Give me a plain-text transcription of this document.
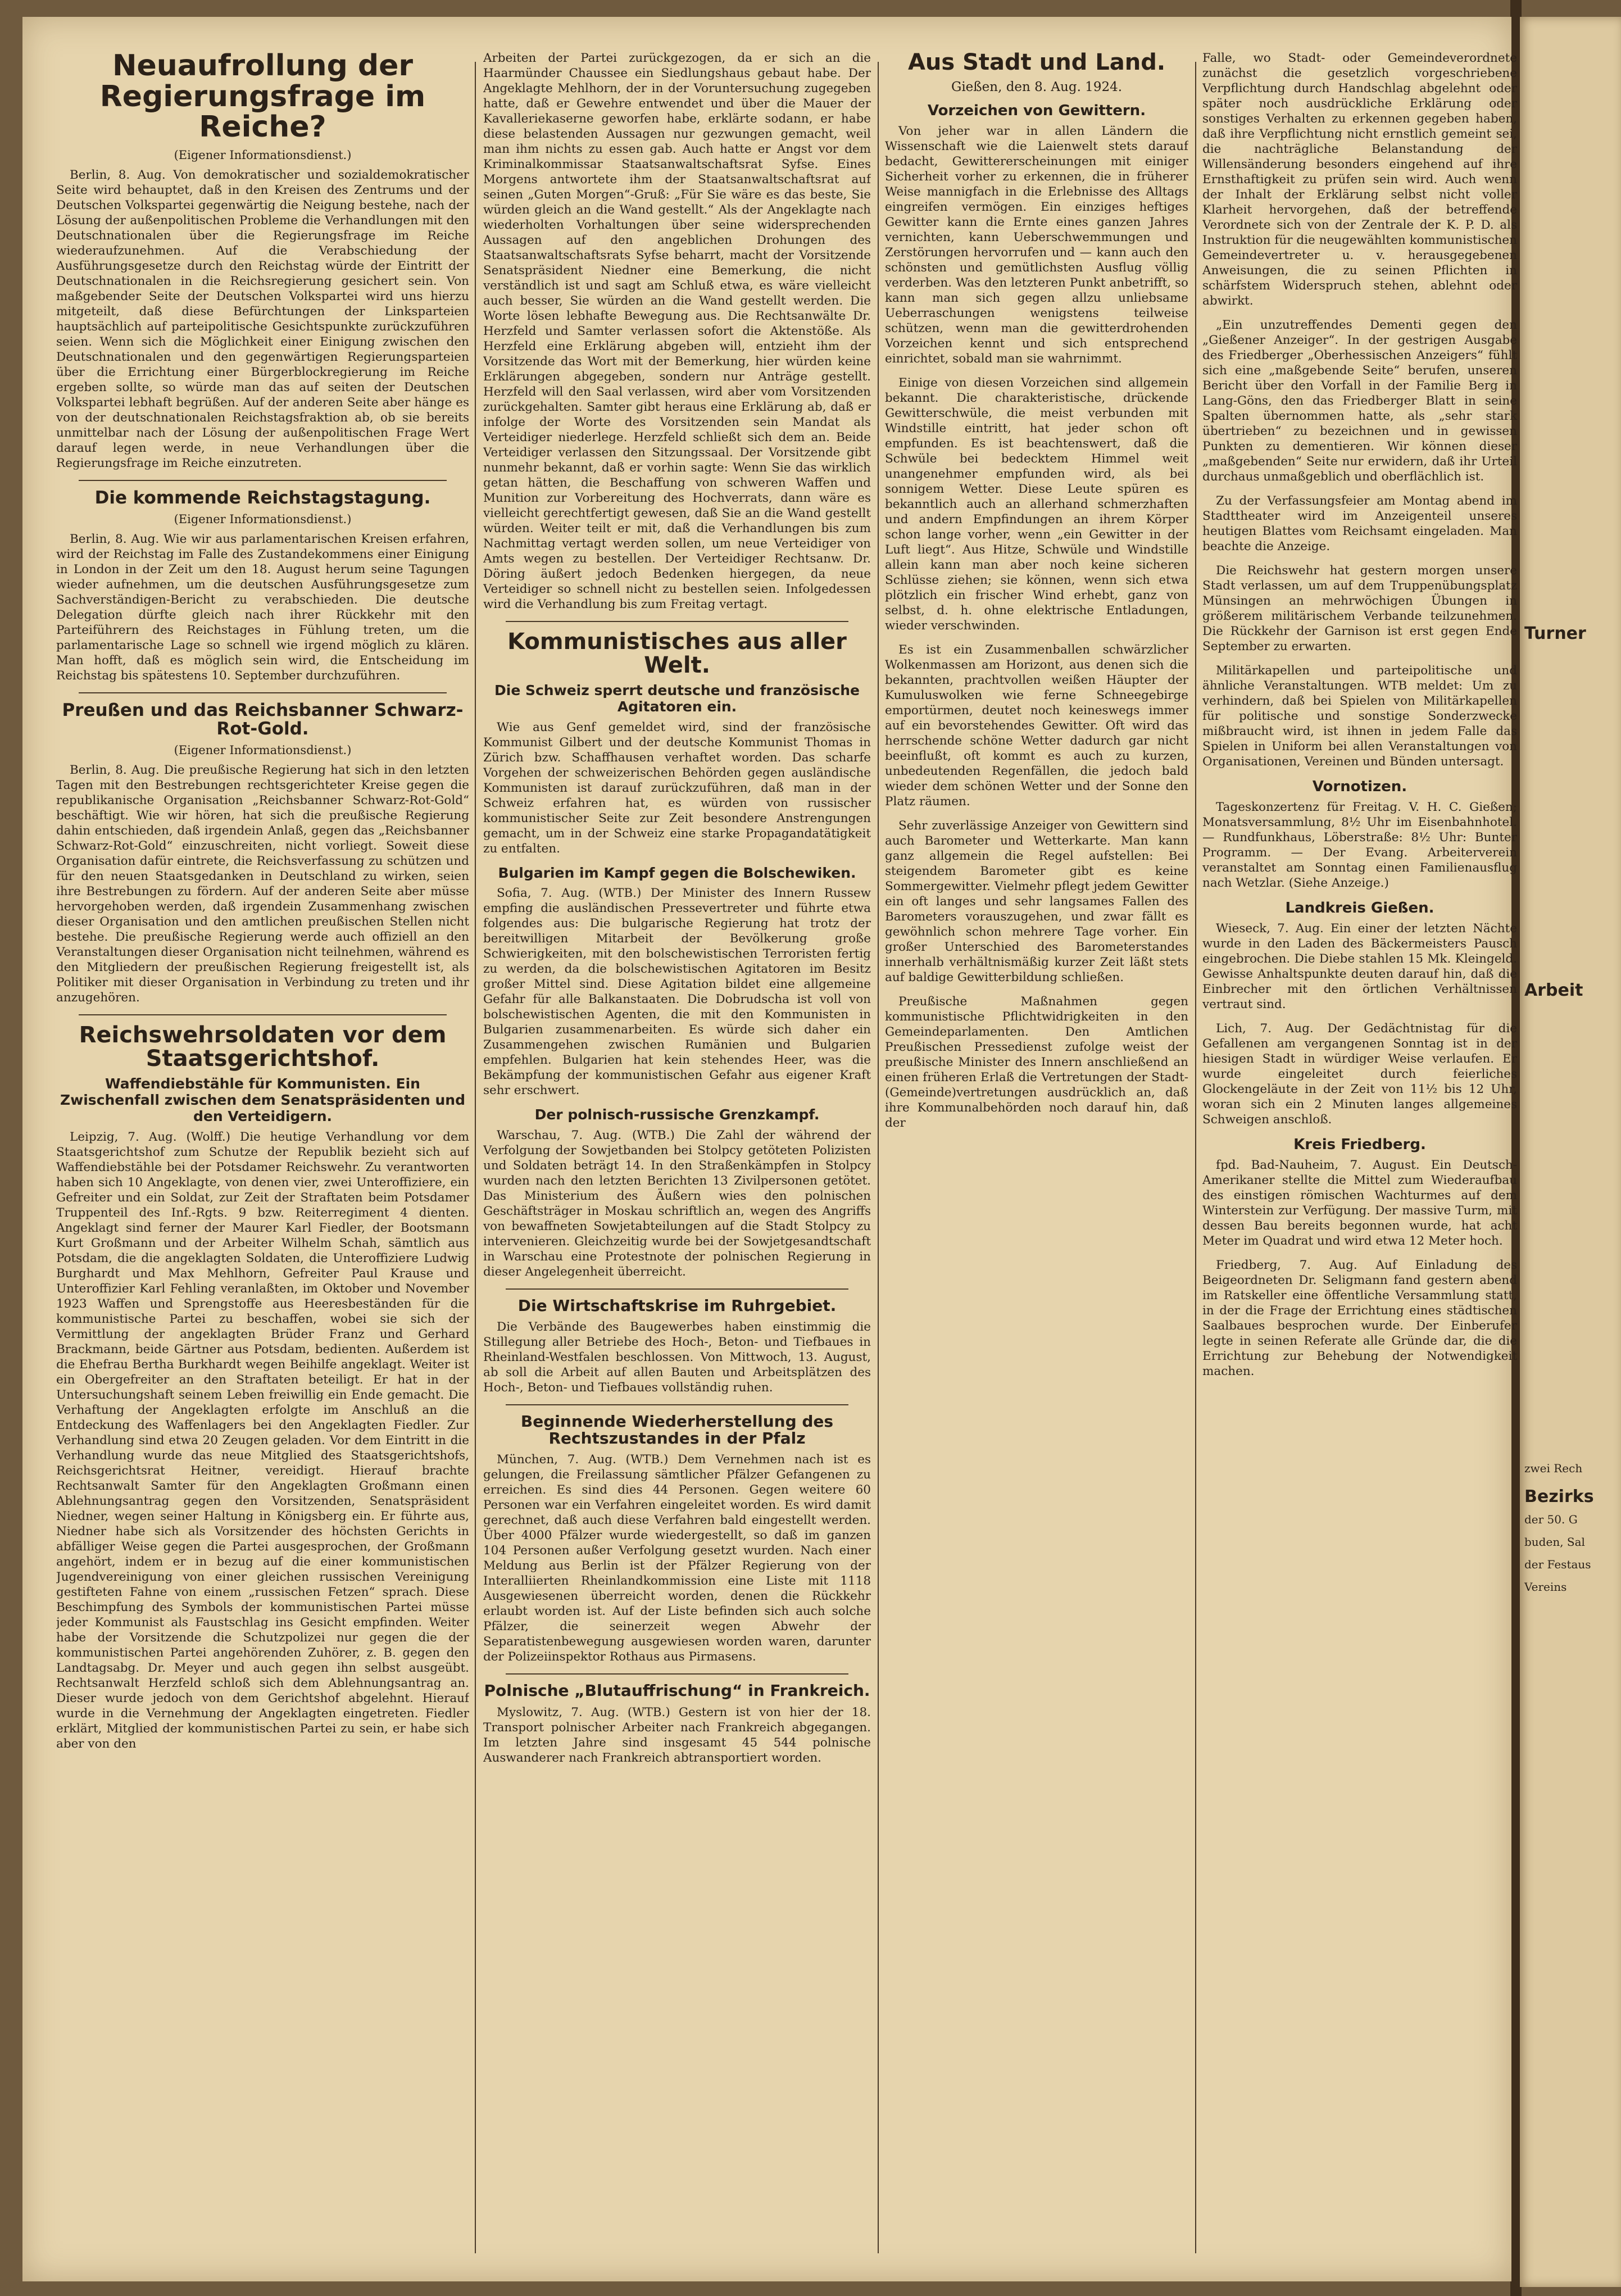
Neuaufrollung der Regierungsfrage im Reiche?
(Eigener Informationsdienst.)

Berlin, 8. Aug. Von demokratischer und sozialdemokratischer Seite wird behauptet, daß in den Kreisen des Zentrums und der Deutschen Volkspartei gegenwärtig die Neigung bestehe, nach der Lösung der außenpolitischen Probleme die Verhandlungen mit den Deutschnationalen über die Regierungsfrage im Reiche wiederaufzunehmen. Auf die Verabschiedung der Ausführungsgesetze durch den Reichstag würde der Eintritt der Deutschnationalen in die Reichsregierung gesichert sein. Von maßgebender Seite der Deutschen Volkspartei wird uns hierzu mitgeteilt, daß diese Befürchtungen der Linksparteien hauptsächlich auf parteipolitische Gesichtspunkte zurückzuführen seien. Wenn sich die Möglichkeit einer Einigung zwischen den Deutschnationalen und den gegenwärtigen Regierungsparteien über die Errichtung einer Bürgerblockregierung im Reiche ergeben sollte, so würde man das auf seiten der Deutschen Volkspartei lebhaft begrüßen. Auf der anderen Seite aber hänge es von der deutschnationalen Reichstagsfraktion ab, ob sie bereits unmittelbar nach der Lösung der außenpolitischen Frage Wert darauf legen werde, in neue Verhandlungen über die Regierungsfrage im Reiche einzutreten.

Die kommende Reichstagstagung.
(Eigener Informationsdienst.)

Berlin, 8. Aug. Wie wir aus parlamentarischen Kreisen erfahren, wird der Reichstag im Falle des Zustandekommens einer Einigung in London in der Zeit um den 18. August herum seine Tagungen wieder aufnehmen, um die deutschen Ausführungsgesetze zum Sachverständigen-Bericht zu verabschieden. Die deutsche Delegation dürfte gleich nach ihrer Rückkehr mit den Parteiführern des Reichstages in Fühlung treten, um die parlamentarische Lage so schnell wie irgend möglich zu klären. Man hofft, daß es möglich sein wird, die Entscheidung im Reichstag bis spätestens 10. September durchzuführen.

Preußen und das Reichsbanner Schwarz-Rot-Gold.
(Eigener Informationsdienst.)

Berlin, 8. Aug. Die preußische Regierung hat sich in den letzten Tagen mit den Bestrebungen rechtsgerichteter Kreise gegen die republikanische Organisation „Reichsbanner Schwarz-Rot-Gold“ beschäftigt. Wie wir hören, hat sich die preußische Regierung dahin entschieden, daß irgendein Anlaß, gegen das „Reichsbanner Schwarz-Rot-Gold“ einzuschreiten, nicht vorliegt. Soweit diese Organisation dafür eintrete, die Reichsverfassung zu schützen und für den neuen Staatsgedanken in Deutschland zu wirken, seien ihre Bestrebungen zu fördern. Auf der anderen Seite aber müsse hervorgehoben werden, daß irgendein Zusammenhang zwischen dieser Organisation und den amtlichen preußischen Stellen nicht bestehe. Die preußische Regierung werde auch offiziell an den Veranstaltungen dieser Organisation nicht teilnehmen, während es den Mitgliedern der preußischen Regierung freigestellt ist, als Politiker mit dieser Organisation in Verbindung zu treten und ihr anzugehören.

Reichswehrsoldaten vor dem Staatsgerichtshof.
Waffendiebstähle für Kommunisten. Ein Zwischenfall zwischen dem Senatspräsidenten und den Verteidigern.

Leipzig, 7. Aug. (Wolff.) Die heutige Verhandlung vor dem Staatsgerichtshof zum Schutze der Republik bezieht sich auf Waffendiebstähle bei der Potsdamer Reichswehr. Zu verantworten haben sich 10 Angeklagte, von denen vier, zwei Unteroffiziere, ein Gefreiter und ein Soldat, zur Zeit der Straftaten beim Potsdamer Truppenteil des Inf.-Rgts. 9 bzw. Reiterregiment 4 dienten. Angeklagt sind ferner der Maurer Karl Fiedler, der Bootsmann Kurt Großmann und der Arbeiter Wilhelm Schah, sämtlich aus Potsdam, die die angeklagten Soldaten, die Unteroffiziere Ludwig Burghardt und Max Mehlhorn, Gefreiter Paul Krause und Unteroffizier Karl Fehling veranlaßten, im Oktober und November 1923 Waffen und Sprengstoffe aus Heeresbeständen für die kommunistische Partei zu beschaffen, wobei sie sich der Vermittlung der angeklagten Brüder Franz und Gerhard Brackmann, beide Gärtner aus Potsdam, bedienten. Außerdem ist die Ehefrau Bertha Burkhardt wegen Beihilfe angeklagt. Weiter ist ein Obergefreiter an den Straftaten beteiligt. Er hat in der Untersuchungshaft seinem Leben freiwillig ein Ende gemacht. Die Verhaftung der Angeklagten erfolgte im Anschluß an die Entdeckung des Waffenlagers bei den Angeklagten Fiedler. Zur Verhandlung sind etwa 20 Zeugen geladen. Vor dem Eintritt in die Verhandlung wurde das neue Mitglied des Staatsgerichtshofs, Reichsgerichtsrat Heitner, vereidigt. Hierauf brachte Rechtsanwalt Samter für den Angeklagten Großmann einen Ablehnungsantrag gegen den Vorsitzenden, Senatspräsident Niedner, wegen seiner Haltung in Königsberg ein. Er führte aus, Niedner habe sich als Vorsitzender des höchsten Gerichts in abfälliger Weise gegen die Partei ausgesprochen, der Großmann angehört, indem er in bezug auf die einer kommunistischen Jugendvereinigung von einer gleichen russischen Vereinigung gestifteten Fahne von einem „russischen Fetzen“ sprach. Diese Beschimpfung des Symbols der kommunistischen Partei müsse jeder Kommunist als Faustschlag ins Gesicht empfinden. Weiter habe der Vorsitzende die Schutzpolizei nur gegen die der kommunistischen Partei angehörenden Zuhörer, z. B. gegen den Landtagsabg. Dr. Meyer und auch gegen ihn selbst ausgeübt. Rechtsanwalt Herzfeld schloß sich dem Ablehnungsantrag an. Dieser wurde jedoch von dem Gerichtshof abgelehnt. Hierauf wurde in die Vernehmung der Angeklagten eingetreten. Fiedler erklärt, Mitglied der kommunistischen Partei zu sein, er habe sich aber von den

Arbeiten der Partei zurückgezogen, da er sich an die Haarmünder Chaussee ein Siedlungshaus gebaut habe. Der Angeklagte Mehlhorn, der in der Voruntersuchung zugegeben hatte, daß er Gewehre entwendet und über die Mauer der Kavalleriekaserne geworfen habe, erklärte sodann, er habe diese belastenden Aussagen nur gezwungen gemacht, weil man ihm nichts zu essen gab. Auch hatte er Angst vor dem Kriminalkommissar Staatsanwaltschaftsrat Syfse. Eines Morgens antwortete ihm der Staatsanwaltschaftsrat auf seinen „Guten Morgen“-Gruß: „Für Sie wäre es das beste, Sie würden gleich an die Wand gestellt.“ Als der Angeklagte nach wiederholten Vorhaltungen über seine widersprechenden Aussagen auf den angeblichen Drohungen des Staatsanwaltschaftsrats Syfse beharrt, macht der Vorsitzende Senatspräsident Niedner eine Bemerkung, die nicht verständlich ist und sagt am Schluß etwa, es wäre vielleicht auch besser, Sie würden an die Wand gestellt werden. Die Worte lösen lebhafte Bewegung aus. Die Rechtsanwälte Dr. Herzfeld und Samter verlassen sofort die Aktenstöße. Als Herzfeld eine Erklärung abgeben will, entzieht ihm der Vorsitzende das Wort mit der Bemerkung, hier würden keine Erklärungen abgegeben, sondern nur Anträge gestellt. Herzfeld will den Saal verlassen, wird aber vom Vorsitzenden zurückgehalten. Samter gibt heraus eine Erklärung ab, daß er infolge der Worte des Vorsitzenden sein Mandat als Verteidiger niederlege. Herzfeld schließt sich dem an. Beide Verteidiger verlassen den Sitzungssaal. Der Vorsitzende gibt nunmehr bekannt, daß er vorhin sagte: Wenn Sie das wirklich getan hätten, die Beschaffung von schweren Waffen und Munition zur Vorbereitung des Hochverrats, dann wäre es vielleicht gerechtfertigt gewesen, daß Sie an die Wand gestellt würden. Weiter teilt er mit, daß die Verhandlungen bis zum Nachmittag vertagt werden sollen, um neue Verteidiger von Amts wegen zu bestellen. Der Verteidiger Rechtsanw. Dr. Döring äußert jedoch Bedenken hiergegen, da neue Verteidiger so schnell nicht zu bestellen seien. Infolgedessen wird die Verhandlung bis zum Freitag vertagt.

Kommunistisches aus aller Welt.
Die Schweiz sperrt deutsche und französische Agitatoren ein.

Wie aus Genf gemeldet wird, sind der französische Kommunist Gilbert und der deutsche Kommunist Thomas in Zürich bzw. Schaffhausen verhaftet worden. Das scharfe Vorgehen der schweizerischen Behörden gegen ausländische Kommunisten ist darauf zurückzuführen, daß man in der Schweiz erfahren hat, es würden von russischer kommunistischer Seite zur Zeit besondere Anstrengungen gemacht, um in der Schweiz eine starke Propagandatätigkeit zu entfalten.

Bulgarien im Kampf gegen die Bolschewiken.

Sofia, 7. Aug. (WTB.) Der Minister des Innern Russew empfing die ausländischen Pressevertreter und führte etwa folgendes aus: Die bulgarische Regierung hat trotz der bereitwilligen Mitarbeit der Bevölkerung große Schwierigkeiten, mit den bolschewistischen Terroristen fertig zu werden, da die bolschewistischen Agitatoren im Besitz großer Mittel sind. Diese Agitation bildet eine allgemeine Gefahr für alle Balkanstaaten. Die Dobrudscha ist voll von bolschewistischen Agenten, die mit den Kommunisten in Bulgarien zusammenarbeiten. Es würde sich daher ein Zusammengehen zwischen Rumänien und Bulgarien empfehlen. Bulgarien hat kein stehendes Heer, was die Bekämpfung der kommunistischen Gefahr aus eigener Kraft sehr erschwert.

Der polnisch-russische Grenzkampf.

Warschau, 7. Aug. (WTB.) Die Zahl der während der Verfolgung der Sowjetbanden bei Stolpcy getöteten Polizisten und Soldaten beträgt 14. In den Straßenkämpfen in Stolpcy wurden nach den letzten Berichten 13 Zivilpersonen getötet. Das Ministerium des Äußern wies den polnischen Geschäftsträger in Moskau schriftlich an, wegen des Angriffs von bewaffneten Sowjetabteilungen auf die Stadt Stolpcy zu intervenieren. Gleichzeitig wurde bei der Sowjetgesandtschaft in Warschau eine Protestnote der polnischen Regierung in dieser Angelegenheit überreicht.

Die Wirtschaftskrise im Ruhrgebiet.

Die Verbände des Baugewerbes haben einstimmig die Stillegung aller Betriebe des Hoch-, Beton- und Tiefbaues in Rheinland-Westfalen beschlossen. Von Mittwoch, 13. August, ab soll die Arbeit auf allen Bauten und Arbeitsplätzen des Hoch-, Beton- und Tiefbaues vollständig ruhen.

Beginnende Wiederherstellung des Rechtszustandes in der Pfalz

München, 7. Aug. (WTB.) Dem Vernehmen nach ist es gelungen, die Freilassung sämtlicher Pfälzer Gefangenen zu erreichen. Es sind dies 44 Personen. Gegen weitere 60 Personen war ein Verfahren eingeleitet worden. Es wird damit gerechnet, daß auch diese Verfahren bald eingestellt werden. Über 4000 Pfälzer wurde wiedergestellt, so daß im ganzen 104 Personen außer Verfolgung gesetzt wurden. Nach einer Meldung aus Berlin ist der Pfälzer Regierung von der Interalliierten Rheinlandkommission eine Liste mit 1118 Ausgewiesenen überreicht worden, denen die Rückkehr erlaubt worden ist. Auf der Liste befinden sich auch solche Pfälzer, die seinerzeit wegen Abwehr der Separatistenbewegung ausgewiesen worden waren, darunter der Polizeiinspektor Rothaus aus Pirmasens.

Polnische „Blutauffrischung“ in Frankreich.

Myslowitz, 7. Aug. (WTB.) Gestern ist von hier der 18. Transport polnischer Arbeiter nach Frankreich abgegangen. Im letzten Jahre sind insgesamt 45 544 polnische Auswanderer nach Frankreich abtransportiert worden.

Aus Stadt und Land.
Gießen, den 8. Aug. 1924.
Vorzeichen von Gewittern.

Von jeher war in allen Ländern die Wissenschaft wie die Laienwelt stets darauf bedacht, Gewittererscheinungen mit einiger Sicherheit vorher zu erkennen, die in früherer Weise mannigfach in die Erlebnisse des Alltags eingreifen vermögen. Ein einziges heftiges Gewitter kann die Ernte eines ganzen Jahres vernichten, kann Ueberschwemmungen und Zerstörungen hervorrufen und — kann auch den schönsten und gemütlichsten Ausflug völlig verderben. Was den letzteren Punkt anbetrifft, so kann man sich gegen allzu unliebsame Ueberraschungen wenigstens teilweise schützen, wenn man die gewitterdrohenden Vorzeichen kennt und sich entsprechend einrichtet, sobald man sie wahrnimmt.

Einige von diesen Vorzeichen sind allgemein bekannt. Die charakteristische, drückende Gewitterschwüle, die meist verbunden mit Windstille eintritt, hat jeder schon oft empfunden. Es ist beachtenswert, daß die Schwüle bei bedecktem Himmel weit unangenehmer empfunden wird, als bei sonnigem Wetter. Diese Leute spüren es bekanntlich auch an allerhand schmerzhaften und andern Empfindungen an ihrem Körper schon lange vorher, wenn „ein Gewitter in der Luft liegt“. Aus Hitze, Schwüle und Windstille allein kann man aber noch keine sicheren Schlüsse ziehen; sie können, wenn sich etwa plötzlich ein frischer Wind erhebt, ganz von selbst, d. h. ohne elektrische Entladungen, wieder verschwinden.

Es ist ein Zusammenballen schwärzlicher Wolkenmassen am Horizont, aus denen sich die bekannten, prachtvollen weißen Häupter der Kumuluswolken wie ferne Schneegebirge emportürmen, deutet noch keineswegs immer auf ein bevorstehendes Gewitter. Oft wird das herrschende schöne Wetter dadurch gar nicht beeinflußt, oft kommt es auch zu kurzen, unbedeutenden Regenfällen, die jedoch bald wieder dem schönen Wetter und der Sonne den Platz räumen.

Sehr zuverlässige Anzeiger von Gewittern sind auch Barometer und Wetterkarte. Man kann ganz allgemein die Regel aufstellen: Bei steigendem Barometer gibt es keine Sommergewitter. Vielmehr pflegt jedem Gewitter ein oft langes und sehr langsames Fallen des Barometers vorauszugehen, und zwar fällt es gewöhnlich schon mehrere Tage vorher. Ein großer Unterschied des Barometerstandes innerhalb verhältnismäßig kurzer Zeit läßt stets auf baldige Gewitterbildung schließen.

Preußische Maßnahmen gegen kommunistische Pflichtwidrigkeiten in den Gemeindeparlamenten. Den Amtlichen Preußischen Pressedienst zufolge weist der preußische Minister des Innern anschließend an einen früheren Erlaß die Vertretungen der Stadt-(Gemeinde)vertretungen ausdrücklich an, daß ihre Kommunalbehörden noch darauf hin, daß der

Falle, wo Stadt- oder Gemeindeverordnete zunächst die gesetzlich vorgeschriebene Verpflichtung durch Handschlag abgelehnt oder später noch ausdrückliche Erklärung oder sonstiges Verhalten zu erkennen gegeben haben, daß ihre Verpflichtung nicht ernstlich gemeint sei, die nachträgliche Belanstandung der Willensänderung besonders eingehend auf ihre Ernsthaftigkeit zu prüfen sein wird. Auch wenn der Inhalt der Erklärung selbst nicht voller Klarheit hervorgehen, daß der betreffende Verordnete sich von der Zentrale der K. P. D. als Instruktion für die neugewählten kommunistischen Gemeindevertreter u. v. herausgegebenen Anweisungen, die zu seinen Pflichten in schärfstem Widerspruch stehen, ablehnt oder abwirkt.

„Ein unzutreffendes Dementi gegen den „Gießener Anzeiger“. In der gestrigen Ausgabe des Friedberger „Oberhessischen Anzeigers“ fühlt sich eine „maßgebende Seite“ berufen, unseren Bericht über den Vorfall in der Familie Berg in Lang-Göns, den das Friedberger Blatt in seine Spalten übernommen hatte, als „sehr stark übertrieben“ zu bezeichnen und in gewissen Punkten zu dementieren. Wir können dieser „maßgebenden“ Seite nur erwidern, daß ihr Urteil durchaus unmaßgeblich und oberflächlich ist.

Zu der Verfassungsfeier am Montag abend im Stadttheater wird im Anzeigenteil unseres heutigen Blattes vom Reichsamt eingeladen. Man beachte die Anzeige.

Die Reichswehr hat gestern morgen unsere Stadt verlassen, um auf dem Truppenübungsplatz Münsingen an mehrwöchigen Übungen in größerem militärischem Verbande teilzunehmen. Die Rückkehr der Garnison ist erst gegen Ende September zu erwarten.

Militärkapellen und parteipolitische und ähnliche Veranstaltungen. WTB meldet: Um zu verhindern, daß bei Spielen von Militärkapellen für politische und sonstige Sonderzwecke mißbraucht wird, ist ihnen in jedem Falle das Spielen in Uniform bei allen Veranstaltungen von Organisationen, Vereinen und Bünden untersagt.

Vornotizen.

Tageskonzertenz für Freitag. V. H. C. Gießen; Monatsversammlung, 8½ Uhr im Eisenbahnhotel. — Rundfunkhaus, Löberstraße: 8½ Uhr: Bunter Programm. — Der Evang. Arbeiterverein veranstaltet am Sonntag einen Familienausflug nach Wetzlar. (Siehe Anzeige.)

Landkreis Gießen.

Wieseck, 7. Aug. Ein einer der letzten Nächte wurde in den Laden des Bäckermeisters Pausch eingebrochen. Die Diebe stahlen 15 Mk. Kleingeld. Gewisse Anhaltspunkte deuten darauf hin, daß die Einbrecher mit den örtlichen Verhältnissen vertraut sind.

Lich, 7. Aug. Der Gedächtnistag für die Gefallenen am vergangenen Sonntag ist in der hiesigen Stadt in würdiger Weise verlaufen. Er wurde eingeleitet durch feierliches Glockengeläute in der Zeit von 11½ bis 12 Uhr, woran sich ein 2 Minuten langes allgemeines Schweigen anschloß.

Kreis Friedberg.

fpd. Bad-Nauheim, 7. August. Ein Deutsch-Amerikaner stellte die Mittel zum Wiederaufbau des einstigen römischen Wachturmes auf dem Winterstein zur Verfügung. Der massive Turm, mit dessen Bau bereits begonnen wurde, hat acht Meter im Quadrat und wird etwa 12 Meter hoch.

Friedberg, 7. Aug. Auf Einladung des Beigeordneten Dr. Seligmann fand gestern abend im Ratskeller eine öffentliche Versammlung statt, in der die Frage der Errichtung eines städtischen Saalbaues besprochen wurde. Der Einberufer legte in seinen Referate alle Gründe dar, die die Errichtung zur Behebung der Notwendigkeit machen.

Turner
Arbeit
zwei Rech
Bezirks
der 50. G
buden, Sal
der Festaus
Vereins
